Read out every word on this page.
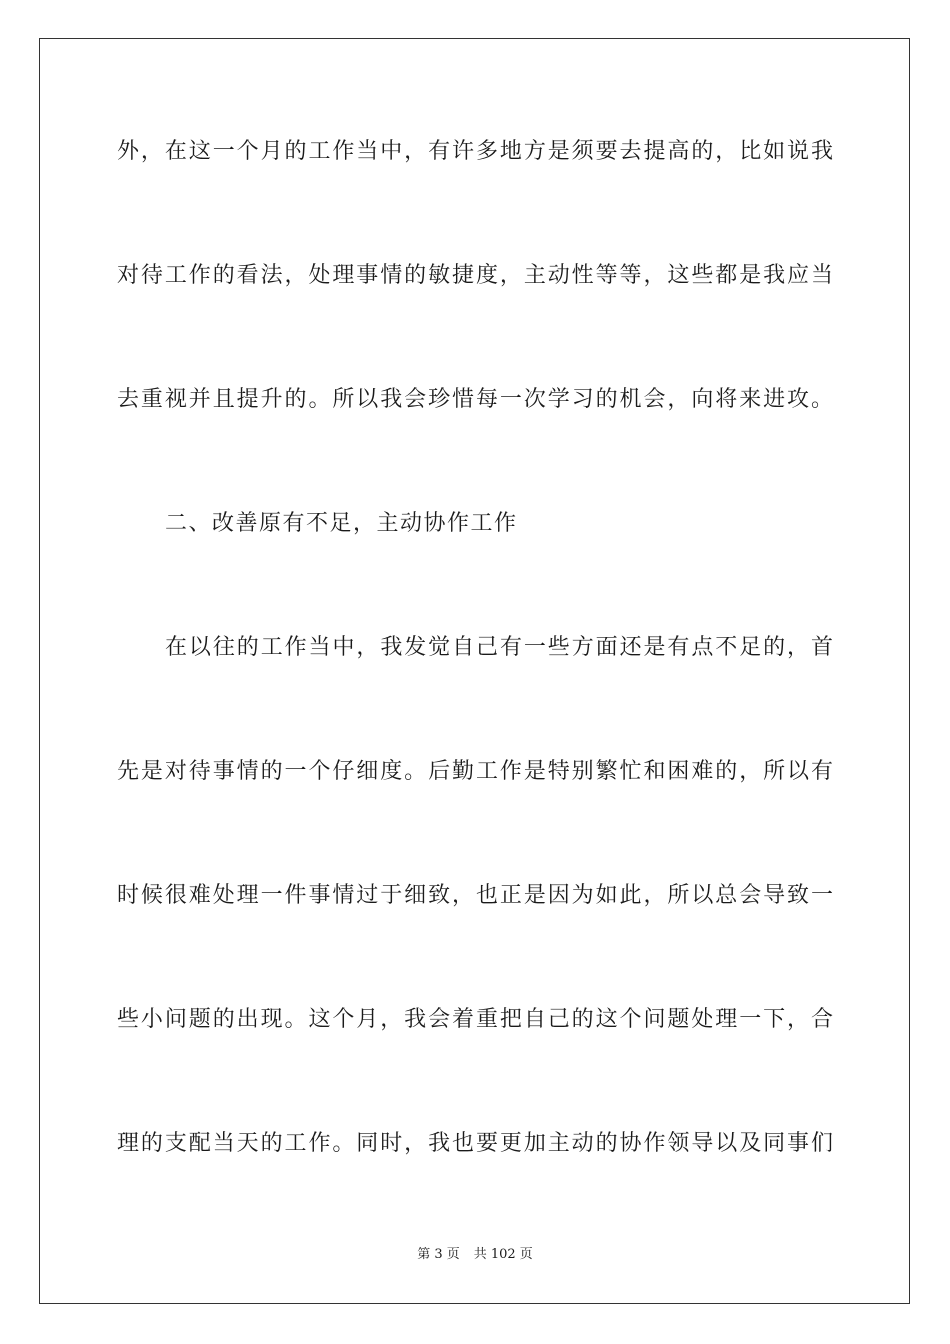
外，在这一个月的工作当中，有许多地方是须要去提高的，比如说我
对待工作的看法，处理事情的敏捷度，主动性等等，这些都是我应当
去重视并且提升的。所以我会珍惜每一次学习的机会，向将来进攻。
二、改善原有不足，主动协作工作
在以往的工作当中，我发觉自己有一些方面还是有点不足的，首
先是对待事情的一个仔细度。后勤工作是特别繁忙和困难的，所以有
时候很难处理一件事情过于细致，也正是因为如此，所以总会导致一
些小问题的出现。这个月，我会着重把自己的这个问题处理一下，合
理的支配当天的工作。同时，我也要更加主动的协作领导以及同事们
第 3 页 共 102 页
